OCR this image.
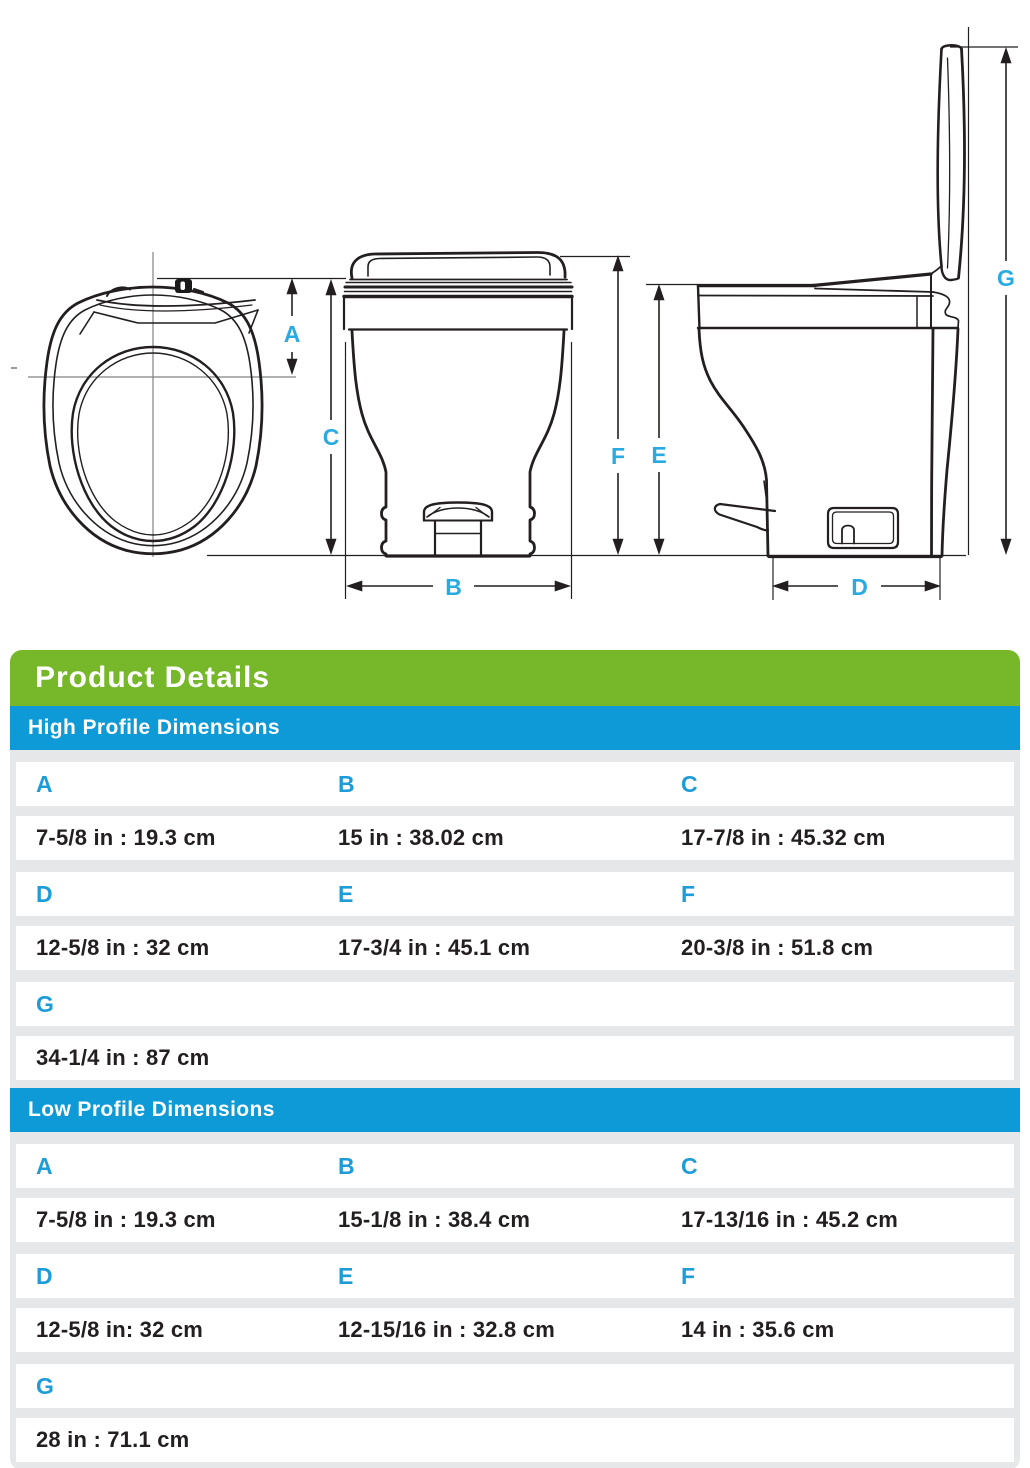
A
B
C
D
E
F
G
Product Details
High Profile Dimensions
A	B	C
7-5/8 in : 19.3 cm	15 in : 38.02 cm	17-7/8 in : 45.32 cm
D	E	F
12-5/8 in : 32 cm	17-3/4 in : 45.1 cm	20-3/8 in : 51.8 cm
G
34-1/4 in : 87 cm
Low Profile Dimensions
A	B	C
7-5/8 in : 19.3 cm	15-1/8 in : 38.4 cm	17-13/16 in : 45.2 cm
D	E	F
12-5/8 in: 32 cm	12-15/16 in : 32.8 cm	14 in : 35.6 cm
G
28 in : 71.1 cm
